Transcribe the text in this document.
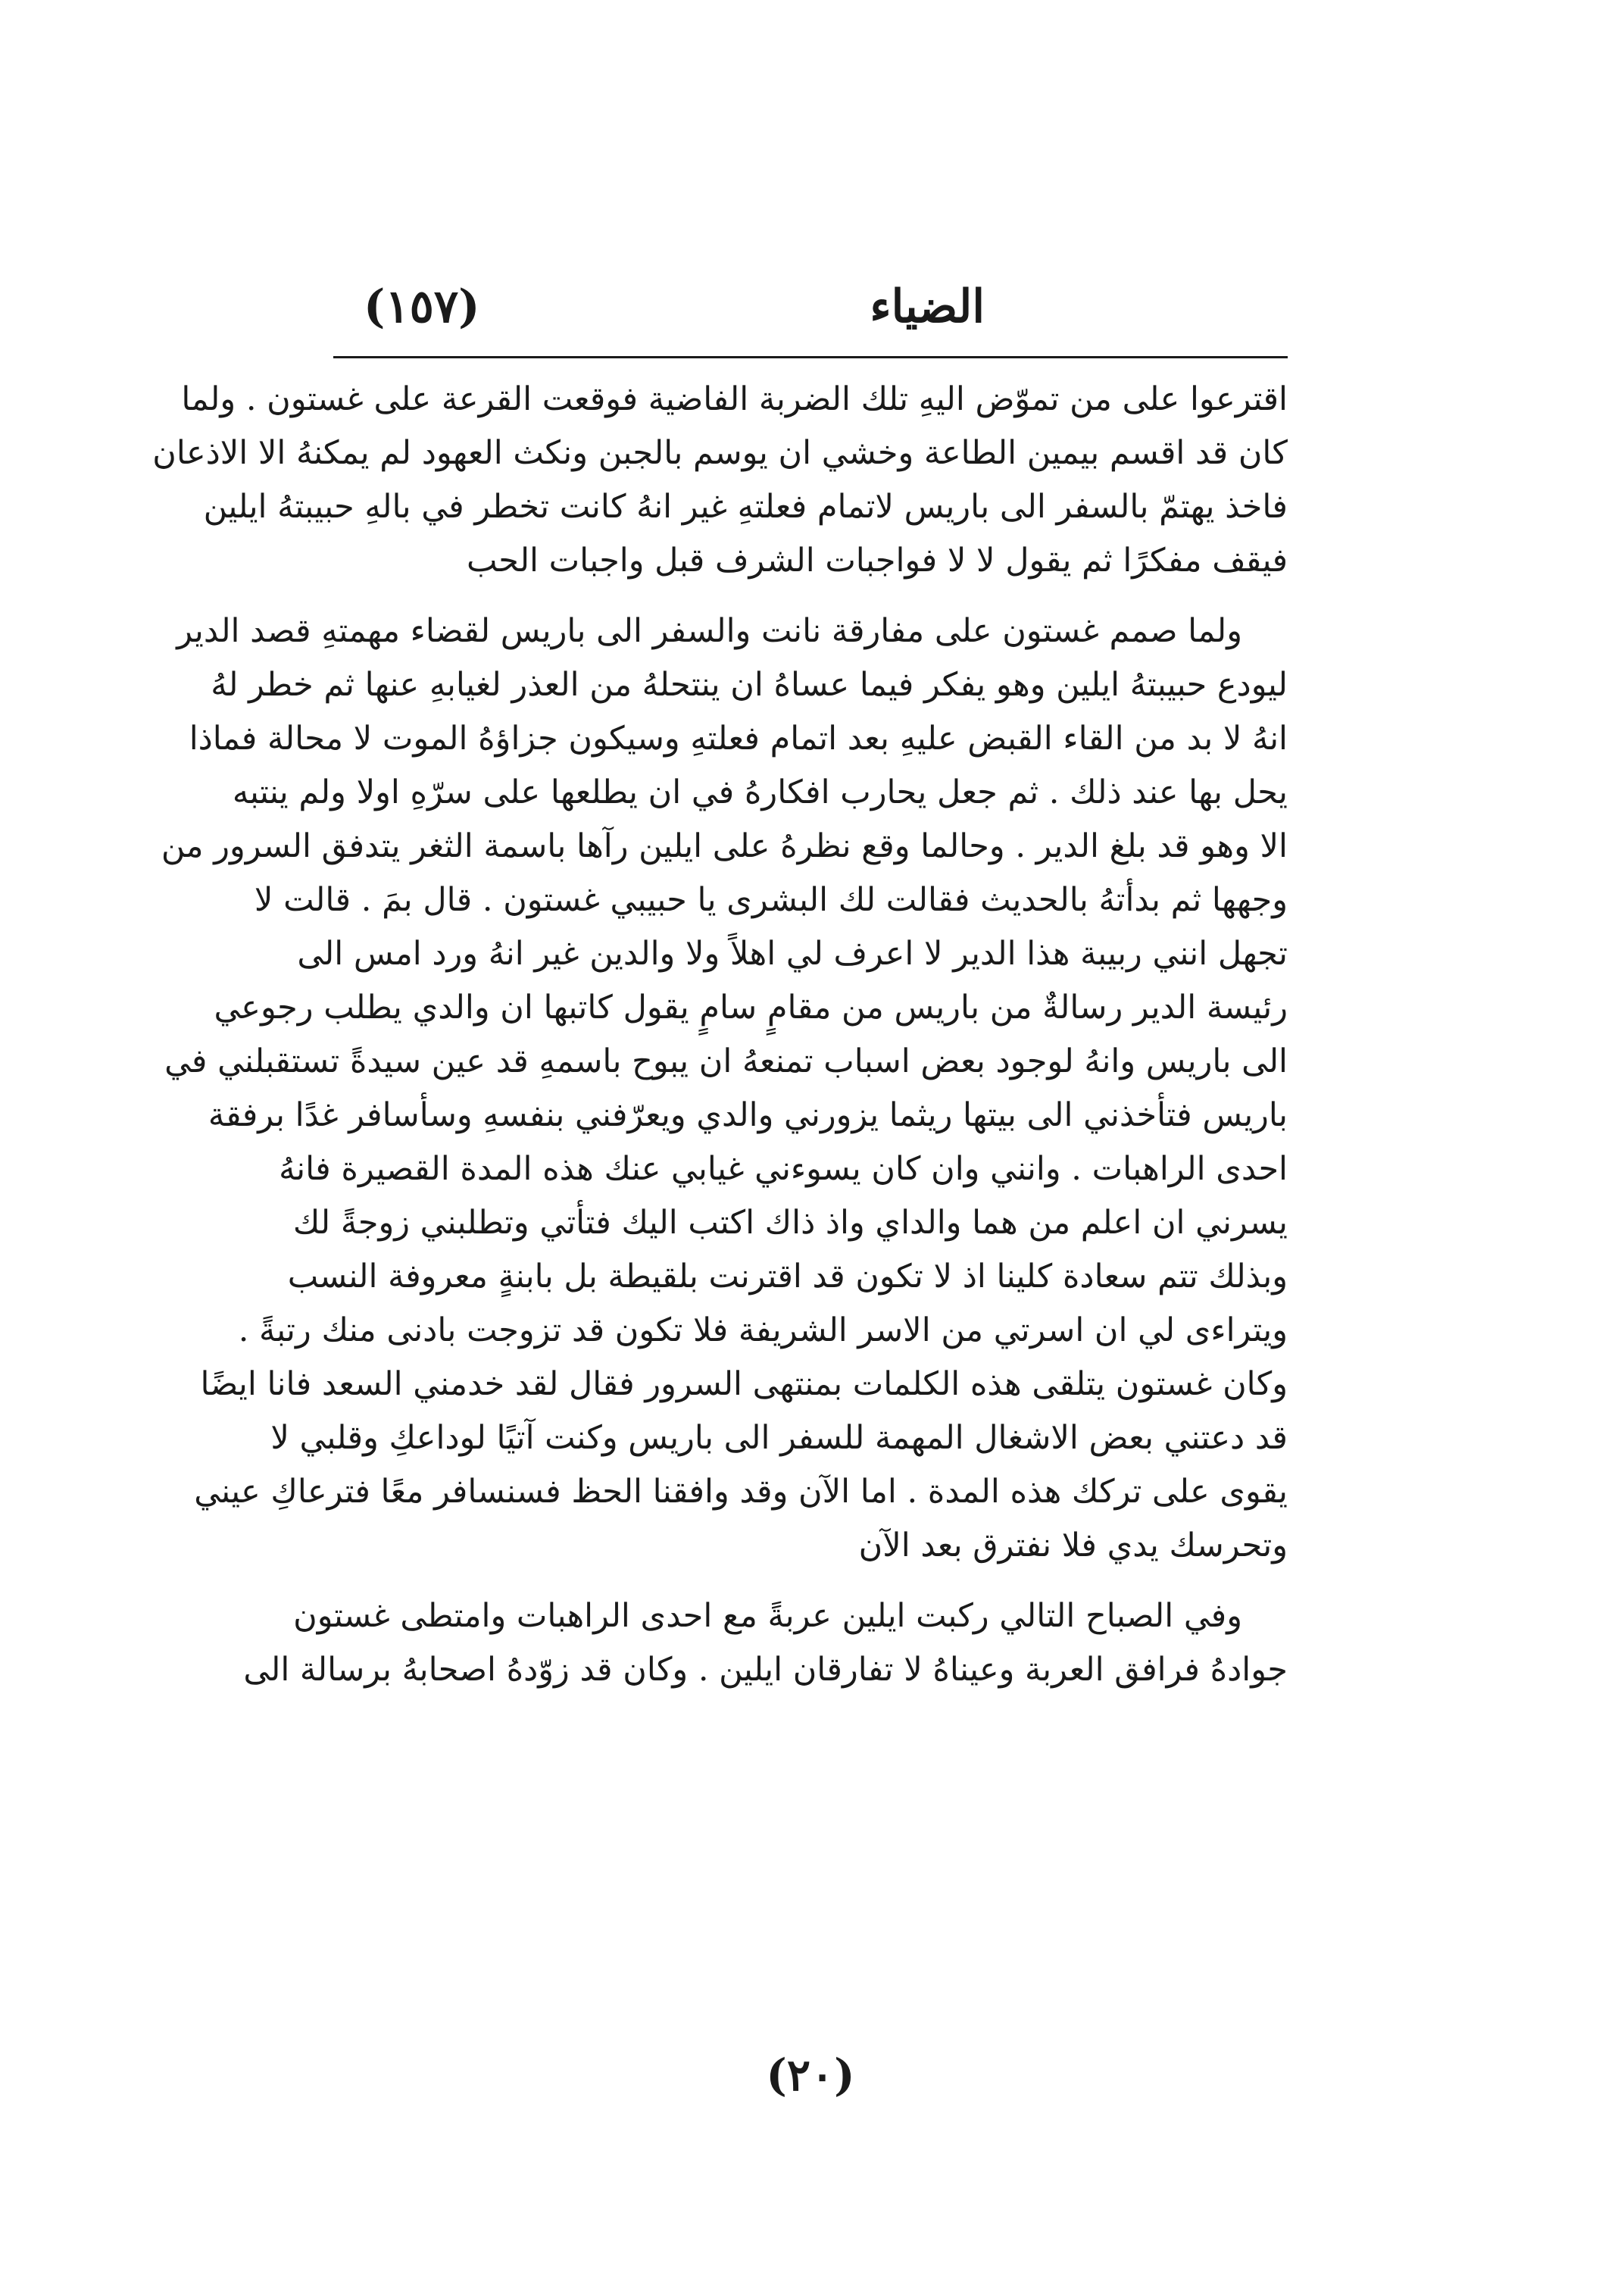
الضياء
(١٥٧)
اقترعوا على من تموّض اليهِ تلك الضربة الفاضية فوقعت القرعة على غستون . ولما
كان قد اقسم بيمين الطاعة وخشي ان يوسم بالجبن ونكث العهود لم يمكنهُ الا الاذعان
فاخذ يهتمّ بالسفر الى باريس لاتمام فعلتهِ غير انهُ كانت تخطر في بالهِ حبيبتهُ ايلين
فيقف مفكرًا ثم يقول لا لا فواجبات الشرف قبل واجبات الحب
ولما صمم غستون على مفارقة نانت والسفر الى باريس لقضاء مهمتهِ قصد الدير
ليودع حبيبتهُ ايلين وهو يفكر فيما عساهُ ان ينتحلهُ من العذر لغيابهِ عنها ثم خطر لهُ
انهُ لا بد من القاء القبض عليهِ بعد اتمام فعلتهِ وسيكون جزاؤهُ الموت لا محالة فماذا
يحل بها عند ذلك . ثم جعل يحارب افكارهُ في ان يطلعها على سرّهِ اولا ولم ينتبه
الا وهو قد بلغ الدير . وحالما وقع نظرهُ على ايلين رآها باسمة الثغر يتدفق السرور من
وجهها ثم بدأتهُ بالحديث فقالت لك البشرى يا حبيبي غستون . قال بمَ . قالت لا
تجهل انني ربيبة هذا الدير لا اعرف لي اهلاً ولا والدين غير انهُ ورد امس الى
رئيسة الدير رسالةٌ من باريس من مقامٍ سامٍ يقول كاتبها ان والدي يطلب رجوعي
الى باريس وانهُ لوجود بعض اسباب تمنعهُ ان يبوح باسمهِ قد عين سيدةً تستقبلني في
باريس فتأخذني الى بيتها ريثما يزورني والدي ويعرّفني بنفسهِ وسأسافر غدًا برفقة
احدى الراهبات . وانني وان كان يسوءني غيابي عنك هذه المدة القصيرة فانهُ
يسرني ان اعلم من هما والداي واذ ذاك اكتب اليك فتأتي وتطلبني زوجةً لك
وبذلك تتم سعادة كلينا اذ لا تكون قد اقترنت بلقيطة بل بابنةٍ معروفة النسب
ويتراءى لي ان اسرتي من الاسر الشريفة فلا تكون قد تزوجت بادنى منك رتبةً .
وكان غستون يتلقى هذه الكلمات بمنتهى السرور فقال لقد خدمني السعد فانا ايضًا
قد دعتني بعض الاشغال المهمة للسفر الى باريس وكنت آتيًا لوداعكِ وقلبي لا
يقوى على تركك هذه المدة . اما الآن وقد وافقنا الحظ فسنسافر معًا فترعاكِ عيني
وتحرسك يدي فلا نفترق بعد الآن
وفي الصباح التالي ركبت ايلين عربةً مع احدى الراهبات وامتطى غستون
جوادهُ فرافق العربة وعيناهُ لا تفارقان ايلين . وكان قد زوّدهُ اصحابهُ برسالة الى
(٢٠)
